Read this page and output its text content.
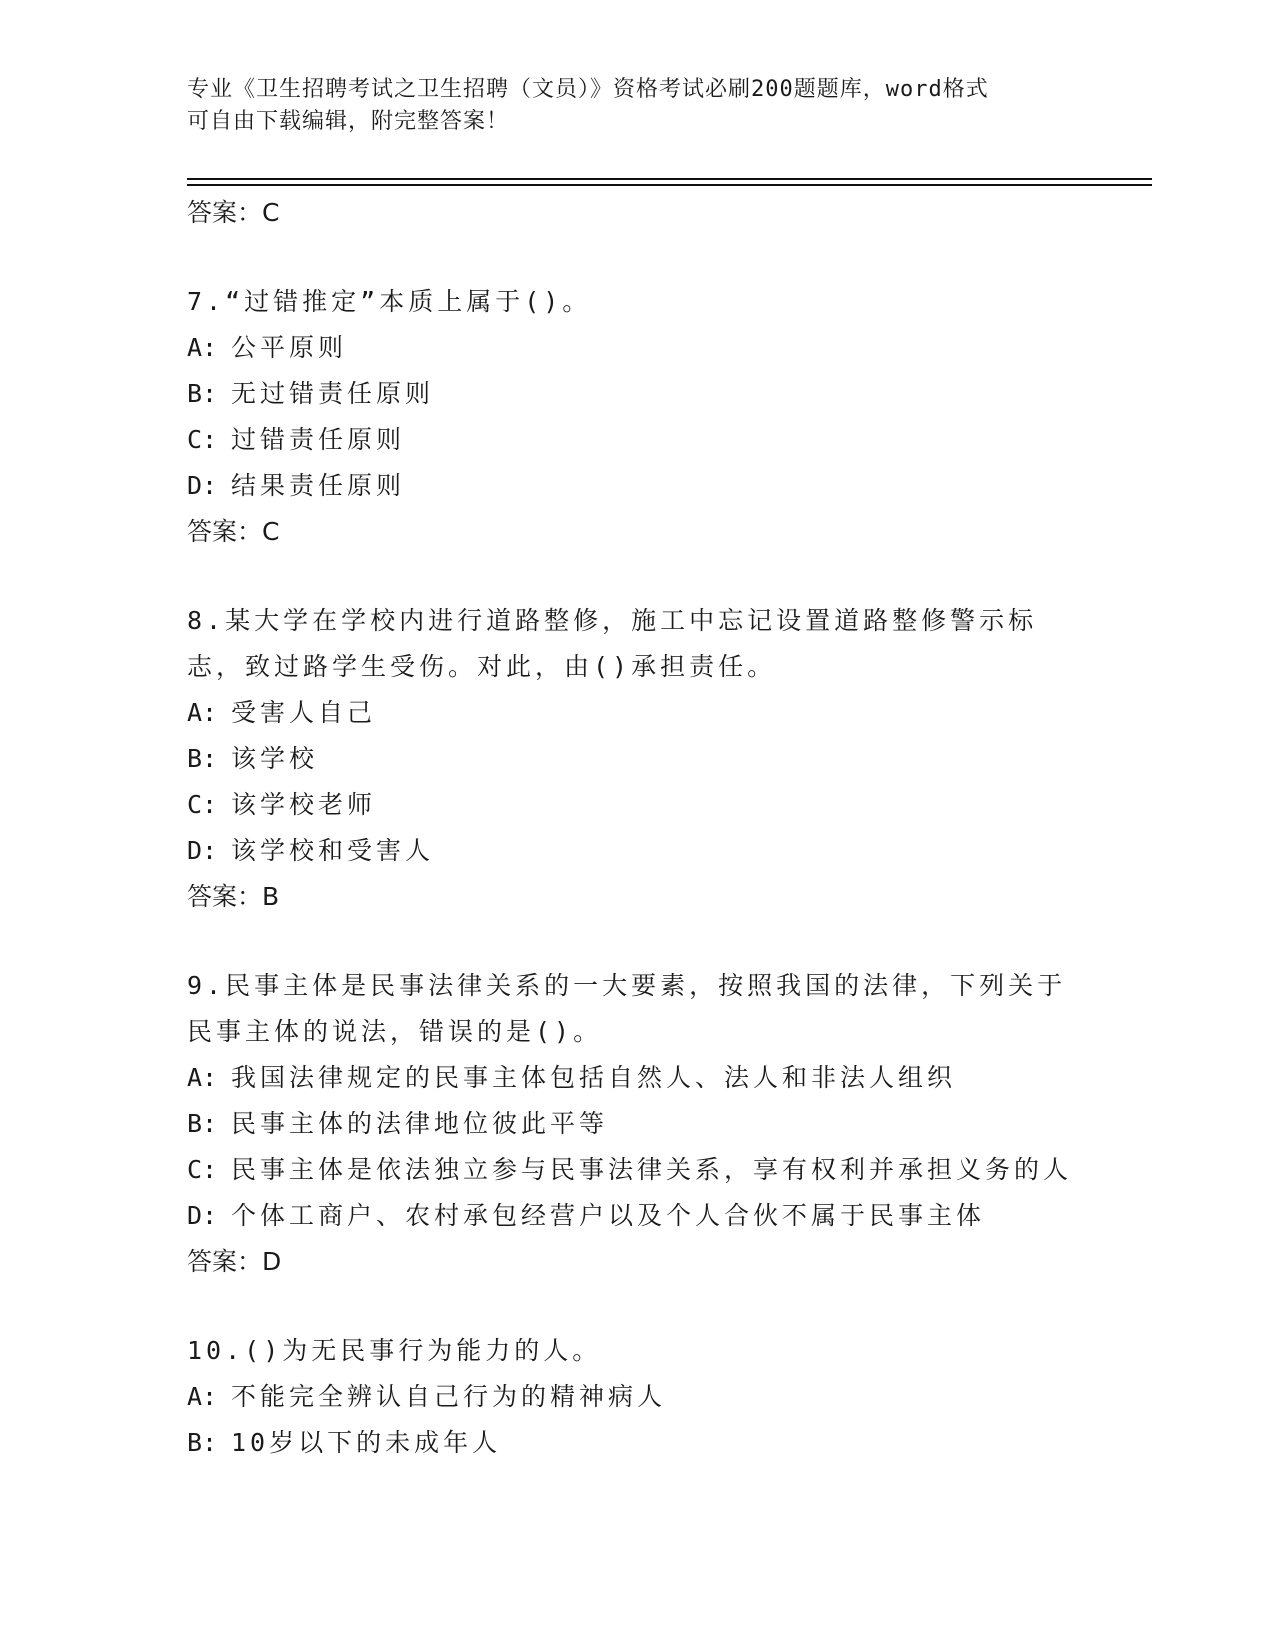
专业《卫生招聘考试之卫生招聘（文员）》资格考试必刷200题题库，word格式
可自由下载编辑，附完整答案！
答案：C
7.“过错推定”本质上属于()。
A: 公平原则
B: 无过错责任原则
C: 过错责任原则
D: 结果责任原则
答案：C
8.某大学在学校内进行道路整修，施工中忘记设置道路整修警示标志，致过路学生受伤。对此，由()承担责任。
A: 受害人自己
B: 该学校
C: 该学校老师
D: 该学校和受害人
答案：B
9.民事主体是民事法律关系的一大要素，按照我国的法律，下列关于民事主体的说法，错误的是()。
A: 我国法律规定的民事主体包括自然人、法人和非法人组织
B: 民事主体的法律地位彼此平等
C: 民事主体是依法独立参与民事法律关系，享有权利并承担义务的人
D: 个体工商户、农村承包经营户以及个人合伙不属于民事主体
答案：D
10.()为无民事行为能力的人。
A: 不能完全辨认自己行为的精神病人
B: 10岁以下的未成年人
